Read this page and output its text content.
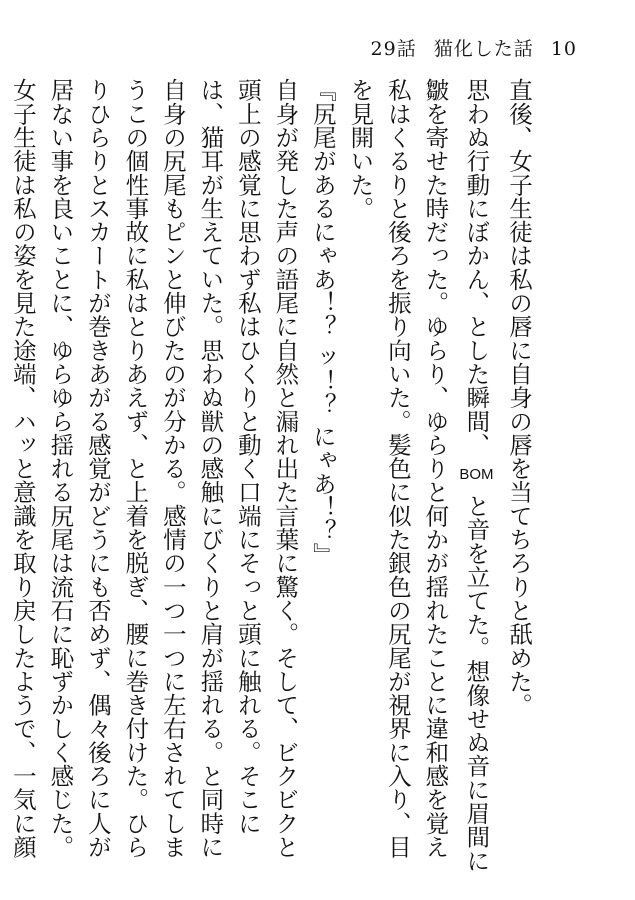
29話 猫化した話 10

直後、女子生徒は私の唇に自身の唇を当てちろりと舐めた。

思わぬ行動にぼかん、とした瞬間、BOMと音を立てた。想像せぬ音に眉間に皺を寄せた時だった。ゆらり、ゆらりと何かが揺れたことに違和感を覚え私はくるりと後ろを振り向いた。髪色に似た銀色の尻尾が視界に入り、目を見開いた。

『尻尾があるにゃあ！？ ッ！？ にゃあ！？』

自身が発した声の語尾に自然と漏れ出た言葉に驚く。そして、ビクビクと頭上の感覚に思わず私はひくりと動く口端にそっと頭に触れる。そこには、猫耳が生えていた。思わぬ獣の感触にびくりと肩が揺れる。と同時に自身の尻尾もピンと伸びたのが分かる。感情の一つ一つに左右されてしまうこの個性事故に私はとりあえず、と上着を脱ぎ、腰に巻き付けた。ひらりひらりとスカートが巻きあがる感覚がどうにも否めず、偶々後ろに人が居ない事を良いことに、ゆらゆら揺れる尻尾は流石に恥ずかしく感じた。

女子生徒は私の姿を見た途端、ハッと意識を取り戻したようで、一気に顔
